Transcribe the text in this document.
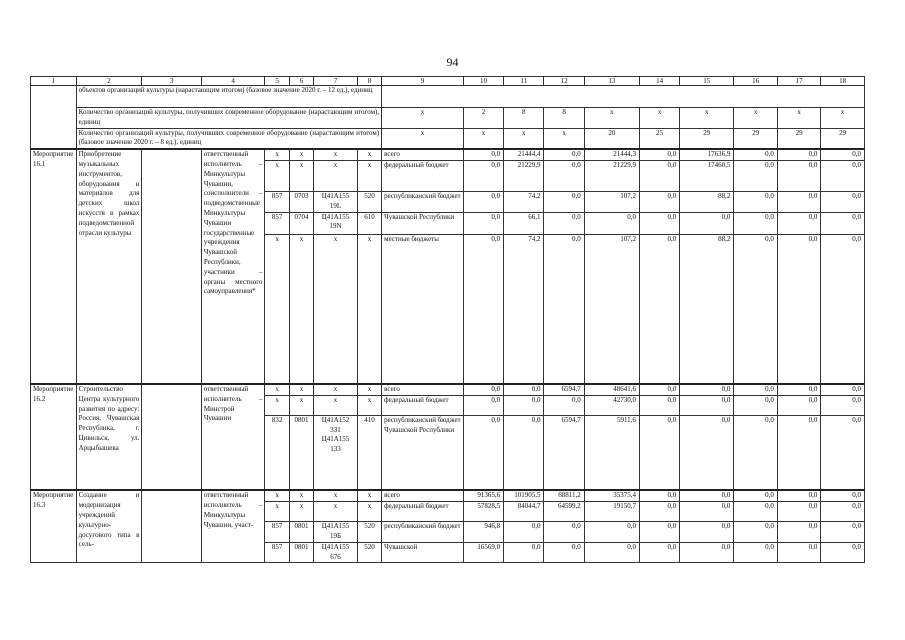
94
1	2	3	4	5	6	7	8	9	10	11	12	13	14	15	16	17	18
	объектов организаций культуры (нарастающим итогом) (базовое значение 2020 г. – 12 ед.), единиц																
	Количество организаций культуры, получивших современное оборудование (нарастающим итогом), единиц							x	2	8	8	x	x	x	x	x	x
	Количество организаций культуры, получивших современное оборудование (нарастающим итогом) (базовое значение 2020 г. – 8 ед.), единиц							x	x	x	x	20	25	29	29	29	29
Мероприятие 16.1	Приобретение музыкальных инструментов, оборудования и материалов для детских школ искусств в рамках подведомственной отрасли культуры		ответственный исполнитель – Минкультуры Чувашии, соисполнители – подведомственные Минкультуры Чувашии государственные учреждения Чувашской Республики, участники – органы местного самоуправления*	x	x	x	x	всего	0,0	21444,4	0,0	21444,3	0,0	17636,9	0,0	0,0	0,0
				x	x	x	x	федеральный бюджет	0,0	21229,9	0,0	21229,9	0,0	17460,5	0,0	0,0	0,0
				857	0703	Ц41А155 19L	520	республиканский бюджет	0,0	74,2	0,0	107,2	0,0	88,2	0,0	0,0	0,0
				857	0704	Ц41А155 19N	610	Чувашской Республики	0,0	66,1	0,0	0,0	0,0	0,0	0,0	0,0	0,0
				x	x	x	x	местные бюджеты	0,0	74,2	0,0	107,2	0,0	88,2	0,0	0,0	0,0
Мероприятие 16.2	Строительство Центра культурного развития по адресу: Россия, Чувашская Республика, г. Цивильск, ул. Арцыбышева		ответственный исполнитель – Минстрой Чувашии	x	x	x	x	всего	0,0	0,0	6594,7	48641,6	0,0	0,0	0,0	0,0	0,0
				x	x	x	x	федеральный бюджет	0,0	0,0	0,0	42730,0	0,0	0,0	0,0	0,0	0,0
				832	0801	Ц41А152 331 Ц41А155 133	410	республиканский бюджет Чувашской Республики	0,0	0,0	6594,7	5911,6	0,0	0,0	0,0	0,0	0,0
Мероприятие 16.3	Создание и модернизация учреждений культурно-досугового типа в сель-		ответственный исполнитель – Минкультуры Чувашии, участ-	x	x	x	x	всего	91365,6	101905,5	68811,2	35375,4	0,0	0,0	0,0	0,0	0,0
				x	x	x	x	федеральный бюджет	57828,5	84044,7	64599,2	19150,7	0,0	0,0	0,0	0,0	0,0
				857	0801	Ц41А155 19Б	520	республиканский бюджет	946,8	0,0	0,0	0,0	0,0	0,0	0,0	0,0	0,0
				857	0801	Ц41А155 676	520	Чувашской	16569,0	0,0	0,0	0,0	0,0	0,0	0,0	0,0	0,0
